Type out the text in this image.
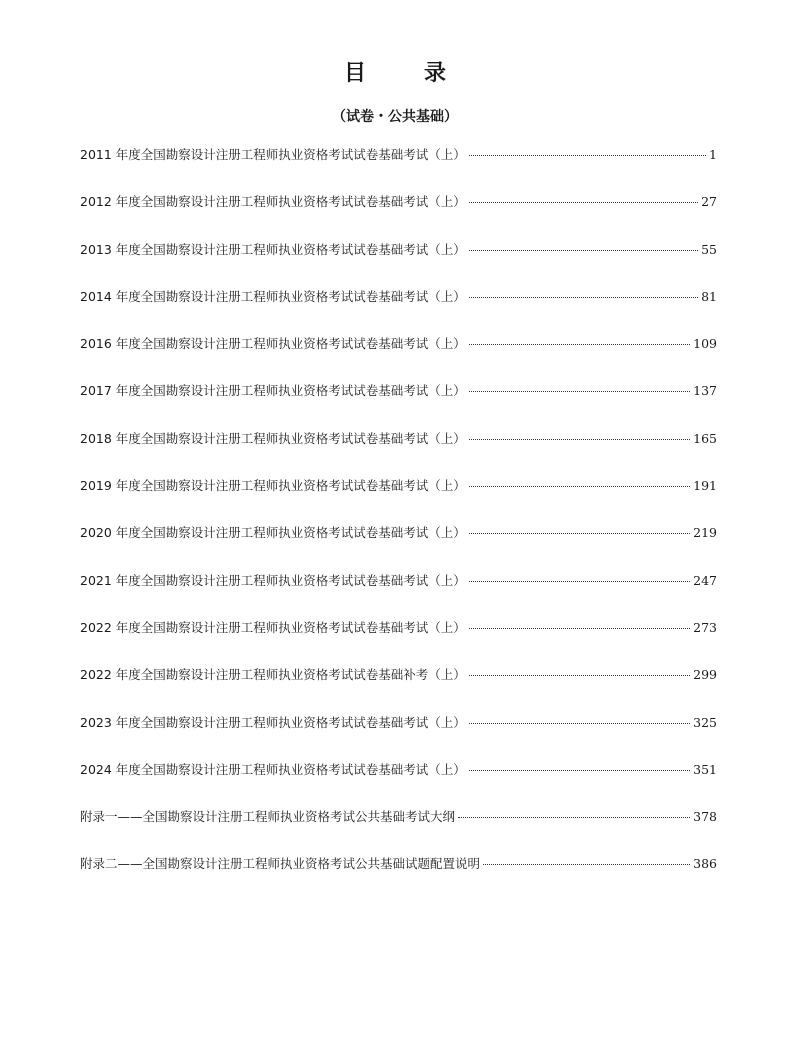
目　录
（试卷・公共基础）
2011 年度全国勘察设计注册工程师执业资格考试试卷基础考试（上）	1
2012 年度全国勘察设计注册工程师执业资格考试试卷基础考试（上）	27
2013 年度全国勘察设计注册工程师执业资格考试试卷基础考试（上）	55
2014 年度全国勘察设计注册工程师执业资格考试试卷基础考试（上）	81
2016 年度全国勘察设计注册工程师执业资格考试试卷基础考试（上）	109
2017 年度全国勘察设计注册工程师执业资格考试试卷基础考试（上）	137
2018 年度全国勘察设计注册工程师执业资格考试试卷基础考试（上）	165
2019 年度全国勘察设计注册工程师执业资格考试试卷基础考试（上）	191
2020 年度全国勘察设计注册工程师执业资格考试试卷基础考试（上）	219
2021 年度全国勘察设计注册工程师执业资格考试试卷基础考试（上）	247
2022 年度全国勘察设计注册工程师执业资格考试试卷基础考试（上）	273
2022 年度全国勘察设计注册工程师执业资格考试试卷基础补考（上）	299
2023 年度全国勘察设计注册工程师执业资格考试试卷基础考试（上）	325
2024 年度全国勘察设计注册工程师执业资格考试试卷基础考试（上）	351
附录一——全国勘察设计注册工程师执业资格考试公共基础考试大纲	378
附录二——全国勘察设计注册工程师执业资格考试公共基础试题配置说明	386
